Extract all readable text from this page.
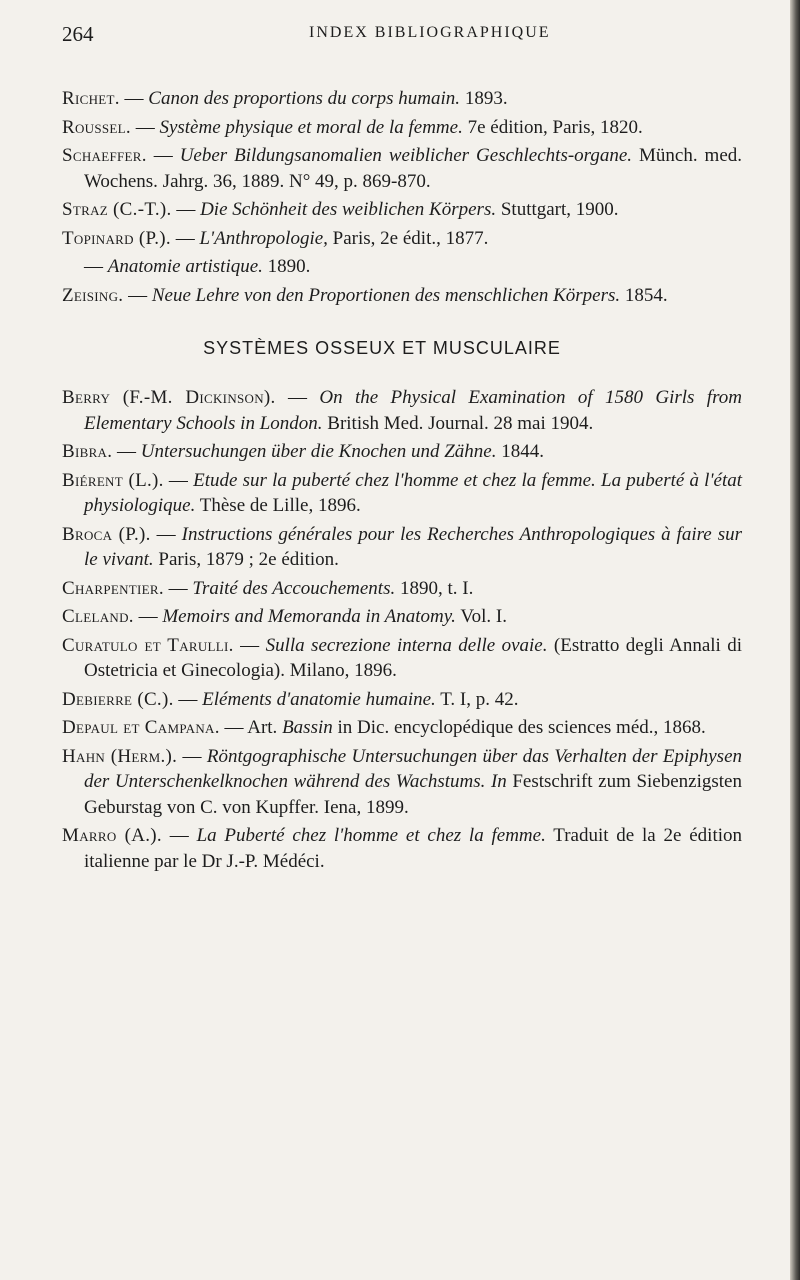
264	INDEX BIBLIOGRAPHIQUE

Richet. — Canon des proportions du corps humain. 1893.

Roussel. — Système physique et moral de la femme. 7e édition, Paris, 1820.

Schaeffer. — Ueber Bildungsanomalien weiblicher Geschlechts-organe. Münch. med. Wochens. Jahrg. 36, 1889. N° 49, p. 869-870.

Straz (C.-T.). — Die Schönheit des weiblichen Körpers. Stuttgart, 1900.

Topinard (P.). — L'Anthropologie, Paris, 2e édit., 1877.

— Anatomie artistique. 1890.

Zeising. — Neue Lehre von den Proportionen des menschlichen Körpers. 1854.

SYSTÈMES OSSEUX ET MUSCULAIRE

Berry (F.-M. Dickinson). — On the Physical Examination of 1580 Girls from Elementary Schools in London. British Med. Journal. 28 mai 1904.

Bibra. — Untersuchungen über die Knochen und Zähne. 1844.

Biérent (L.). — Etude sur la puberté chez l'homme et chez la femme. La puberté à l'état physiologique. Thèse de Lille, 1896.

Broca (P.). — Instructions générales pour les Recherches Anthropologiques à faire sur le vivant. Paris, 1879 ; 2e édition.

Charpentier. — Traité des Accouchements. 1890, t. I.

Cleland. — Memoirs and Memoranda in Anatomy. Vol. I.

Curatulo et Tarulli. — Sulla secrezione interna delle ovaie. (Estratto degli Annali di Ostetricia et Ginecologia). Milano, 1896.

Debierre (C.). — Eléments d'anatomie humaine. T. I, p. 42.

Depaul et Campana. — Art. Bassin in Dic. encyclopédique des sciences méd., 1868.

Hahn (Herm.). — Röntgographische Untersuchungen über das Verhalten der Epiphysen der Unterschenkelknochen während des Wachstums. In Festschrift zum Siebenzigsten Geburstag von C. von Kupffer. Iena, 1899.

Marro (A.). — La Puberté chez l'homme et chez la femme. Traduit de la 2e édition italienne par le Dr J.-P. Médéci.
